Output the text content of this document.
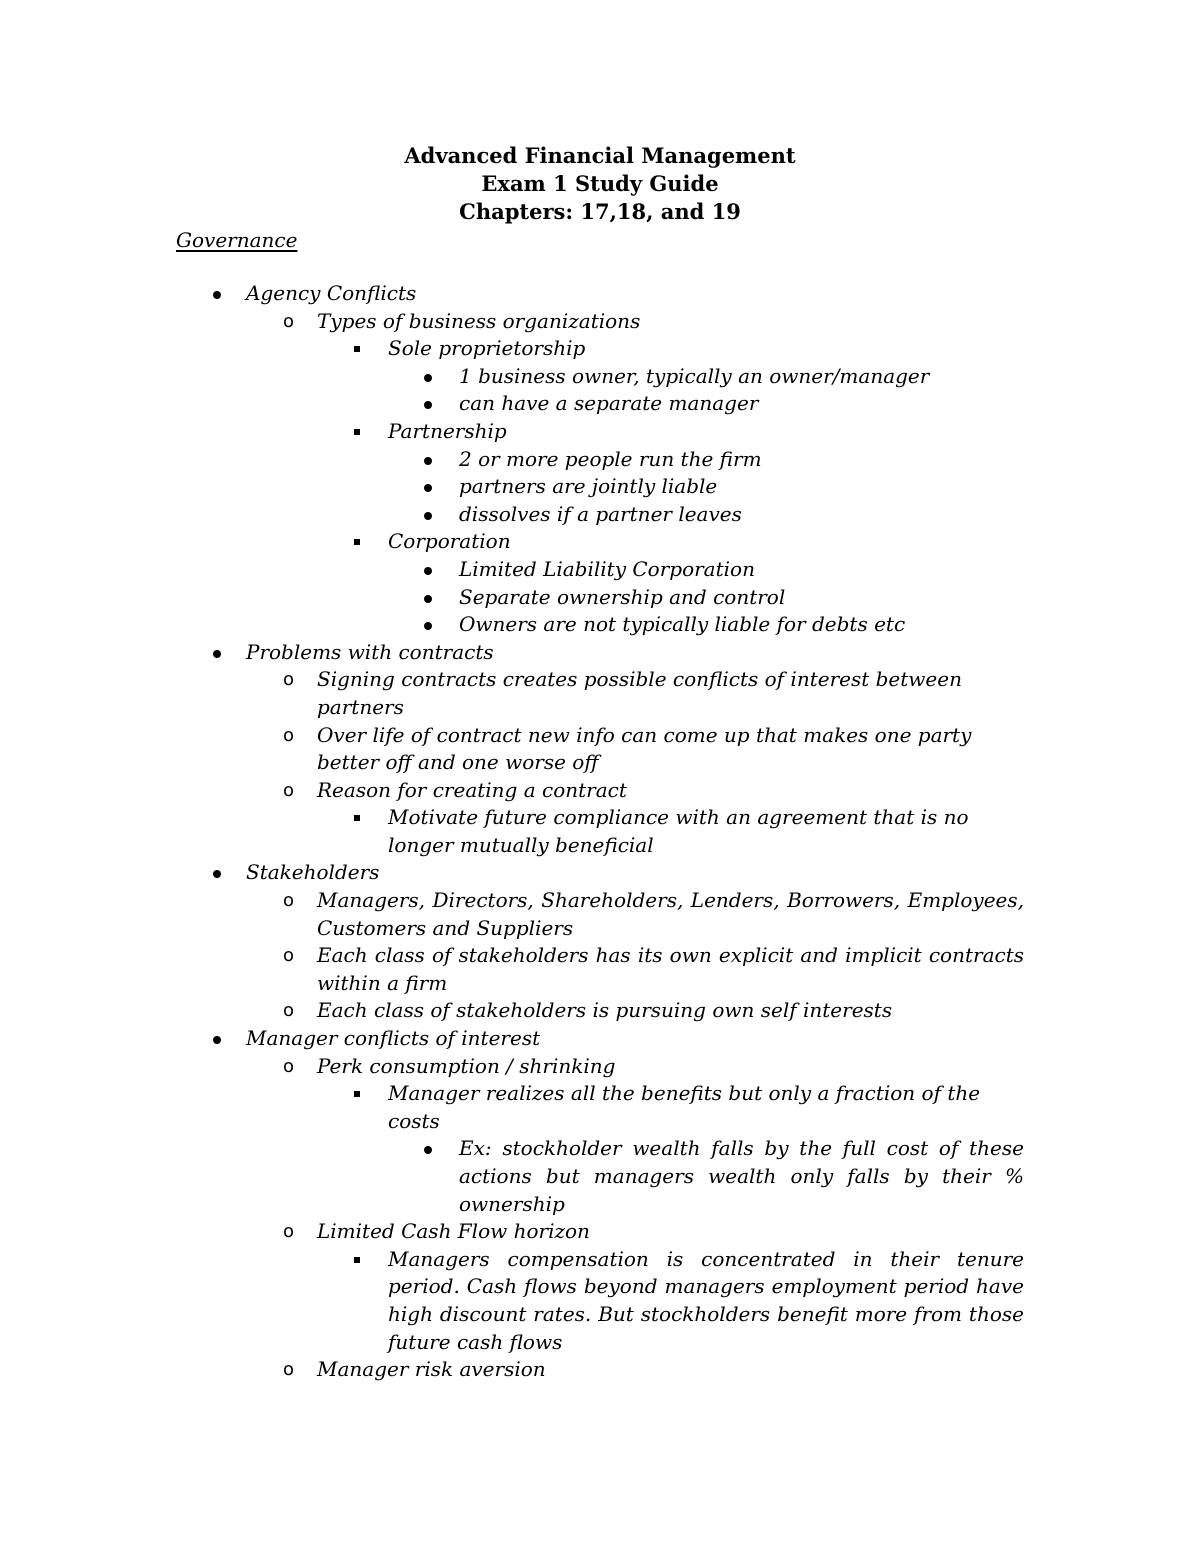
Advanced Financial Management
Exam 1 Study Guide
Chapters: 17,18, and 19
Governance
Agency Conflicts
o Types of business organizations
Sole proprietorship
1 business owner, typically an owner/manager
can have a separate manager
Partnership
2 or more people run the firm
partners are jointly liable
dissolves if a partner leaves
Corporation
Limited Liability Corporation
Separate ownership and control
Owners are not typically liable for debts etc
Problems with contracts
o Signing contracts creates possible conflicts of interest between partners
o Over life of contract new info can come up that makes one party better off and one worse off
o Reason for creating a contract
Motivate future compliance with an agreement that is no longer mutually beneficial
Stakeholders
o Managers, Directors, Shareholders, Lenders, Borrowers, Employees, Customers and Suppliers
o Each class of stakeholders has its own explicit and implicit contracts within a firm
o Each class of stakeholders is pursuing own self interests
Manager conflicts of interest
o Perk consumption / shrinking
Manager realizes all the benefits but only a fraction of the costs
Ex: stockholder wealth falls by the full cost of these actions but managers wealth only falls by their % ownership
o Limited Cash Flow horizon
Managers compensation is concentrated in their tenure period. Cash flows beyond managers employment period have high discount rates. But stockholders benefit more from those future cash flows
o Manager risk aversion
